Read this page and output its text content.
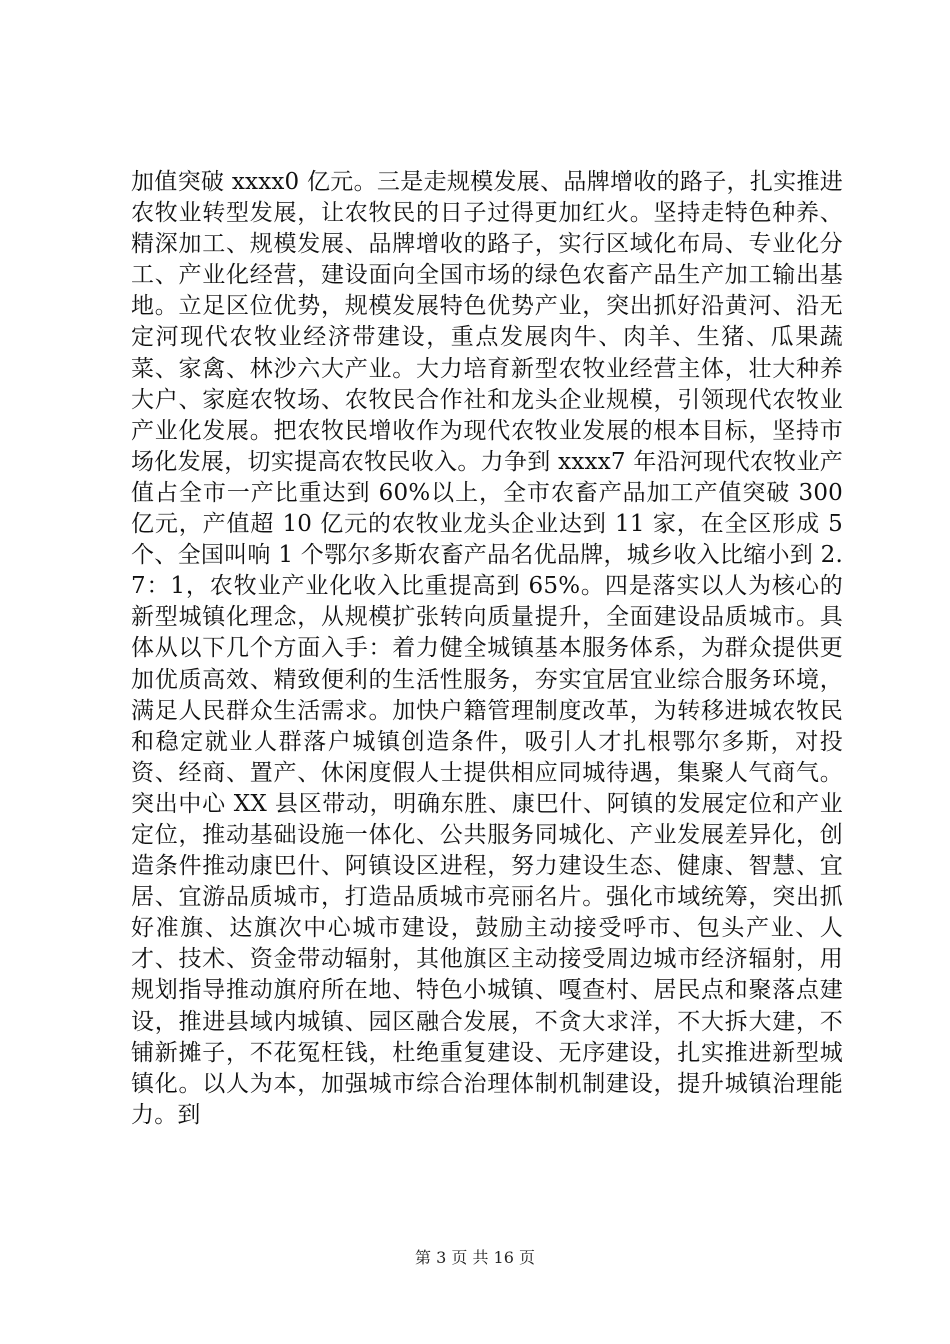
加值突破 xxxx0 亿元。三是走规模发展、品牌增收的路子，扎实推进农牧业转型发展，让农牧民的日子过得更加红火。坚持走特色种养、精深加工、规模发展、品牌增收的路子，实行区域化布局、专业化分工、产业化经营，建设面向全国市场的绿色农畜产品生产加工输出基地。立足区位优势，规模发展特色优势产业，突出抓好沿黄河、沿无定河现代农牧业经济带建设，重点发展肉牛、肉羊、生猪、瓜果蔬菜、家禽、林沙六大产业。大力培育新型农牧业经营主体，壮大种养大户、家庭农牧场、农牧民合作社和龙头企业规模，引领现代农牧业产业化发展。把农牧民增收作为现代农牧业发展的根本目标，坚持市场化发展，切实提高农牧民收入。力争到 xxxx7 年沿河现代农牧业产值占全市一产比重达到 60%以上，全市农畜产品加工产值突破 300 亿元，产值超 10 亿元的农牧业龙头企业达到 11 家，在全区形成 5 个、全国叫响 1 个鄂尔多斯农畜产品名优品牌，城乡收入比缩小到 2.7：1，农牧业产业化收入比重提高到 65%。四是落实以人为核心的新型城镇化理念，从规模扩张转向质量提升，全面建设品质城市。具体从以下几个方面入手：着力健全城镇基本服务体系，为群众提供更加优质高效、精致便利的生活性服务，夯实宜居宜业综合服务环境，满足人民群众生活需求。加快户籍管理制度改革，为转移进城农牧民和稳定就业人群落户城镇创造条件，吸引人才扎根鄂尔多斯，对投资、经商、置产、休闲度假人士提供相应同城待遇，集聚人气商气。突出中心 XX 县区带动，明确东胜、康巴什、阿镇的发展定位和产业定位，推动基础设施一体化、公共服务同城化、产业发展差异化，创造条件推动康巴什、阿镇设区进程，努力建设生态、健康、智慧、宜居、宜游品质城市，打造品质城市亮丽名片。强化市域统筹，突出抓好准旗、达旗次中心城市建设，鼓励主动接受呼市、包头产业、人才、技术、资金带动辐射，其他旗区主动接受周边城市经济辐射，用规划指导推动旗府所在地、特色小城镇、嘎查村、居民点和聚落点建设，推进县域内城镇、园区融合发展，不贪大求洋，不大拆大建，不铺新摊子，不花冤枉钱，杜绝重复建设、无序建设，扎实推进新型城镇化。以人为本，加强城市综合治理体制机制建设，提升城镇治理能力。到

第 3 页 共 16 页
